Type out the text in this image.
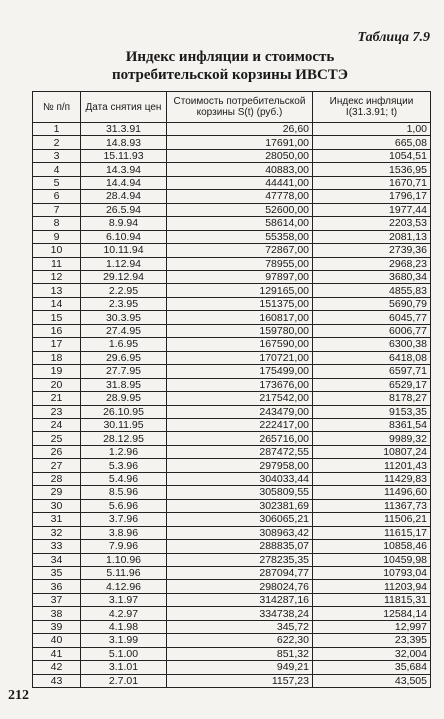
Таблица 7.9
Индекс инфляции и стоимость
потребительской корзины ИВСТЭ
№ п/п	Дата снятия цен	Стоимость потребительской корзины S(t) (руб.)	Индекс инфляции I(31.3.91; t)
1	31.3.91	26,60	1,00
2	14.8.93	17691,00	665,08
3	15.11.93	28050,00	1054,51
4	14.3.94	40883,00	1536,95
5	14.4.94	44441,00	1670,71
6	28.4.94	47778,00	1796,17
7	26.5.94	52600,00	1977,44
8	8.9.94	58614,00	2203,53
9	6.10.94	55358,00	2081,13
10	10.11.94	72867,00	2739,36
11	1.12.94	78955,00	2968,23
12	29.12.94	97897,00	3680,34
13	2.2.95	129165,00	4855,83
14	2.3.95	151375,00	5690,79
15	30.3.95	160817,00	6045,77
16	27.4.95	159780,00	6006,77
17	1.6.95	167590,00	6300,38
18	29.6.95	170721,00	6418,08
19	27.7.95	175499,00	6597,71
20	31.8.95	173676,00	6529,17
21	28.9.95	217542,00	8178,27
23	26.10.95	243479,00	9153,35
24	30.11.95	222417,00	8361,54
25	28.12.95	265716,00	9989,32
26	1.2.96	287472,55	10807,24
27	5.3.96	297958,00	11201,43
28	5.4.96	304033,44	11429,83
29	8.5.96	305809,55	11496,60
30	5.6.96	302381,69	11367,73
31	3.7.96	306065,21	11506,21
32	3.8.96	308963,42	11615,17
33	7.9.96	288835,07	10858,46
34	1.10.96	278235,35	10459,98
35	5.11.96	287094,77	10793,04
36	4.12.96	298024,76	11203,94
37	3.1.97	314287,16	11815,31
38	4.2.97	334738,24	12584,14
39	4.1.98	345,72	12,997
40	3.1.99	622,30	23,395
41	5.1.00	851,32	32,004
42	3.1.01	949,21	35,684
43	2.7.01	1157,23	43,505
212
